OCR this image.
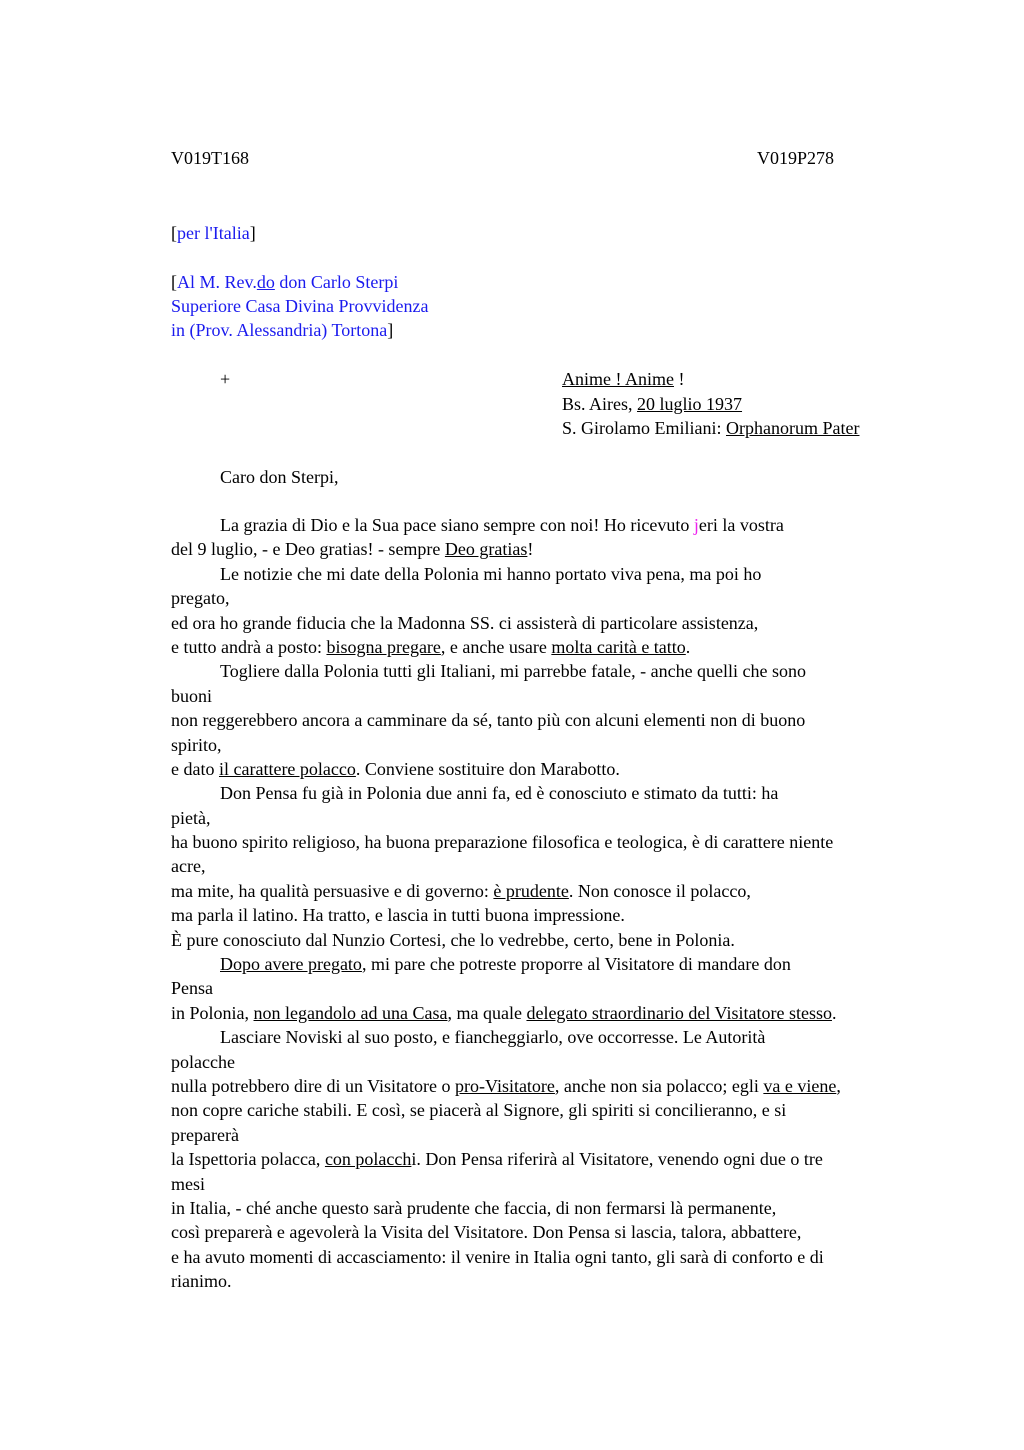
V019T168	V019P278
[per l'Italia]
[Al M. Rev.do don Carlo Sterpi
Superiore Casa Divina Provvidenza
in (Prov. Alessandria) Tortona]
+	Anime ! Anime !
Bs. Aires, 20 luglio 1937
S. Girolamo Emiliani: Orphanorum Pater
Caro don Sterpi,
La grazia di Dio e la Sua pace siano sempre con noi! Ho ricevuto jeri la vostra
del 9 luglio, - e Deo gratias! - sempre Deo gratias!
Le notizie che mi date della Polonia mi hanno portato viva pena, ma poi ho
pregato,
ed ora ho grande fiducia che la Madonna SS. ci assisterà di particolare assistenza,
e tutto andrà a posto: bisogna pregare, e anche usare molta carità e tatto.
Togliere dalla Polonia tutti gli Italiani, mi parrebbe fatale, - anche quelli che sono
buoni
non reggerebbero ancora a camminare da sé, tanto più con alcuni elementi non di buono
spirito,
e dato il carattere polacco. Conviene sostituire don Marabotto.
Don Pensa fu già in Polonia due anni fa, ed è conosciuto e stimato da tutti: ha
pietà,
ha buono spirito religioso, ha buona preparazione filosofica e teologica, è di carattere niente
acre,
ma mite, ha qualità persuasive e di governo: è prudente. Non conosce il polacco,
ma parla il latino. Ha tratto, e lascia in tutti buona impressione.
È pure conosciuto dal Nunzio Cortesi, che lo vedrebbe, certo, bene in Polonia.
Dopo avere pregato, mi pare che potreste proporre al Visitatore di mandare don
Pensa
in Polonia, non legandolo ad una Casa, ma quale delegato straordinario del Visitatore stesso.
Lasciare Noviski al suo posto, e fiancheggiarlo, ove occorresse. Le Autorità
polacche
nulla potrebbero dire di un Visitatore o pro-Visitatore, anche non sia polacco; egli va e viene,
non copre cariche stabili. E così, se piacerà al Signore, gli spiriti si concilieranno, e si
preparerà
la Ispettoria polacca, con polacchi. Don Pensa riferirà al Visitatore, venendo ogni due o tre
mesi
in Italia, - ché anche questo sarà prudente che faccia, di non fermarsi là permanente,
così preparerà e agevolerà la Visita del Visitatore. Don Pensa si lascia, talora, abbattere,
e ha avuto momenti di accasciamento: il venire in Italia ogni tanto, gli sarà di conforto e di
rianimo.
